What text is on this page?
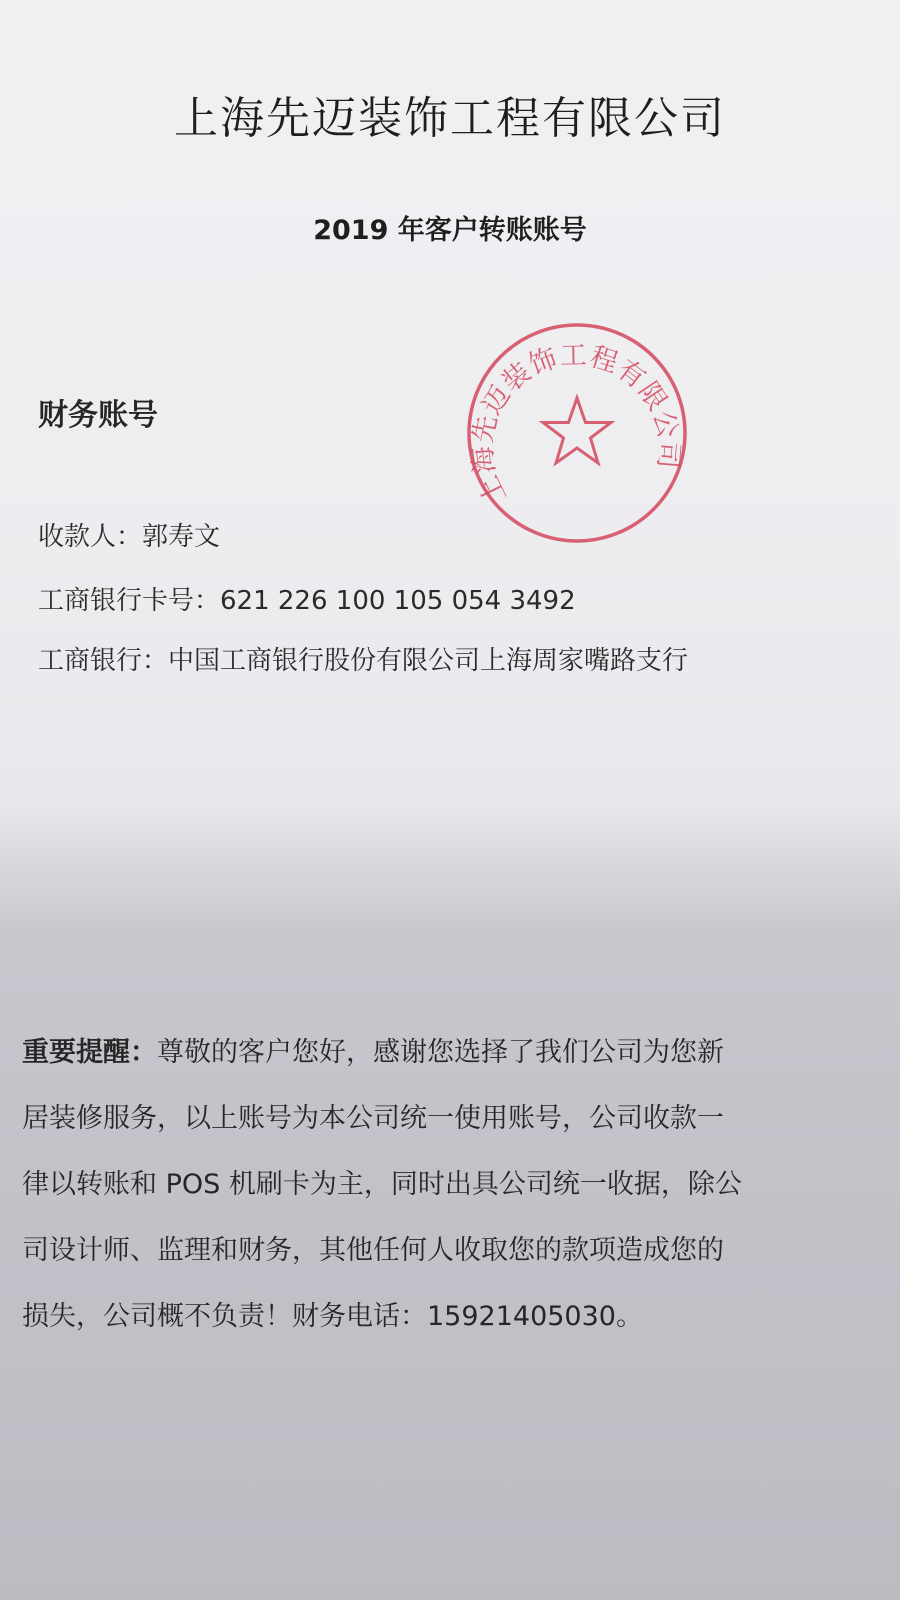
上海先迈装饰工程有限公司
2019 年客户转账账号
财务账号
上海先迈装饰工程有限公司
收款人：郭寿文
工商银行卡号：621 226 100 105 054 3492
工商银行：中国工商银行股份有限公司上海周家嘴路支行
重要提醒：尊敬的客户您好，感谢您选择了我们公司为您新
居装修服务，以上账号为本公司统一使用账号，公司收款一
律以转账和 POS 机刷卡为主，同时出具公司统一收据，除公
司设计师、监理和财务，其他任何人收取您的款项造成您的
损失，公司概不负责！财务电话：15921405030。
